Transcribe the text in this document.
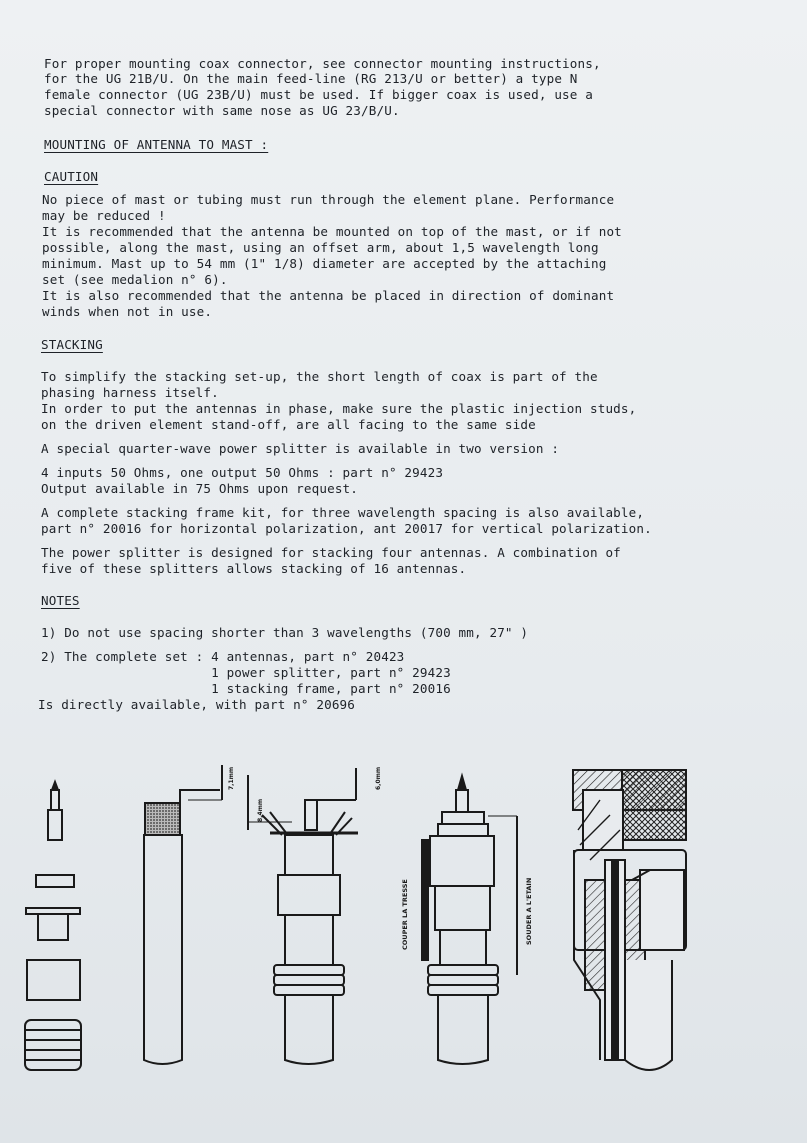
For proper mounting coax connector, see connector mounting instructions,
for the UG 21B/U. On the main feed-line (RG 213/U or better) a type N
female connector (UG 23B/U) must be used. If bigger coax is used, use a
special connector with same nose as UG 23/B/U.
MOUNTING OF ANTENNA TO MAST :
CAUTION
No piece of mast or tubing must run through the element plane. Performance
may be reduced !
It is recommended that the antenna be mounted on top of the mast, or if not
possible, along the mast, using an offset arm, about 1,5 wavelength long
minimum. Mast up to 54 mm (1" 1/8) diameter are accepted by the attaching
set (see medalion n° 6).
It is also recommended that the antenna be placed in direction of dominant
winds when not in use.
STACKING
To simplify the stacking set-up, the short length of coax is part of the
phasing harness itself.
In order to put the antennas in phase, make sure the plastic injection studs,
on the driven element stand-off, are all facing to the same side
A special quarter-wave power splitter is available in two version :
4 inputs 50 Ohms, one output 50 Ohms : part n° 29423
Output available in 75 Ohms upon request.
A complete stacking frame kit, for three wavelength spacing is also available,
part n° 20016 for horizontal polarization, ant 20017 for vertical polarization.
The power splitter is designed for stacking four antennas. A combination of
five of these splitters allows stacking of 16 antennas.
NOTES
1) Do not use spacing shorter than 3 wavelengths (700 mm, 27" )
2) The complete set : 4 antennas, part n° 20423
1 power splitter, part n° 29423
1 stacking frame, part n° 20016
Is directly available, with part n° 20696
7,1mm
8,4mm
6,0mm
COUPER LA TRESSE	SOUDER A L'ETAIN
